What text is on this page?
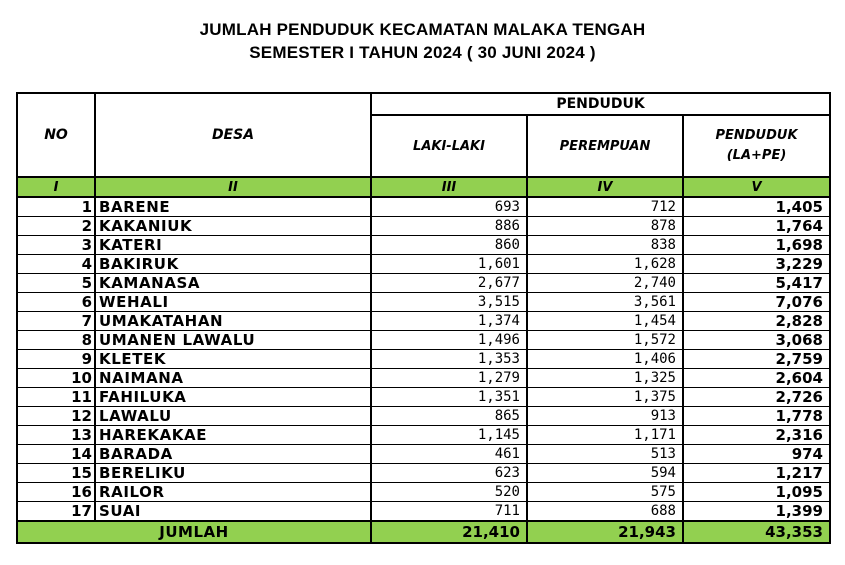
JUMLAH PENDUDUK KECAMATAN MALAKA TENGAH
SEMESTER I TAHUN 2024 ( 30 JUNI 2024 )
NO	DESA	PENDUDUK		
		LAKI-LAKI	PEREMPUAN	PENDUDUK
(LA+PE)

I	II	III	IV	V
1	BARENE	693	712	1,405
2	KAKANIUK	886	878	1,764
3	KATERI	860	838	1,698
4	BAKIRUK	1,601	1,628	3,229
5	KAMANASA	2,677	2,740	5,417
6	WEHALI	3,515	3,561	7,076
7	UMAKATAHAN	1,374	1,454	2,828
8	UMANEN LAWALU	1,496	1,572	3,068
9	KLETEK	1,353	1,406	2,759
10	NAIMANA	1,279	1,325	2,604
11	FAHILUKA	1,351	1,375	2,726
12	LAWALU	865	913	1,778
13	HAREKAKAE	1,145	1,171	2,316
14	BARADA	461	513	974
15	BERELIKU	623	594	1,217
16	RAILOR	520	575	1,095
17	SUAI	711	688	1,399
JUMLAH		21,410	21,943	43,353
